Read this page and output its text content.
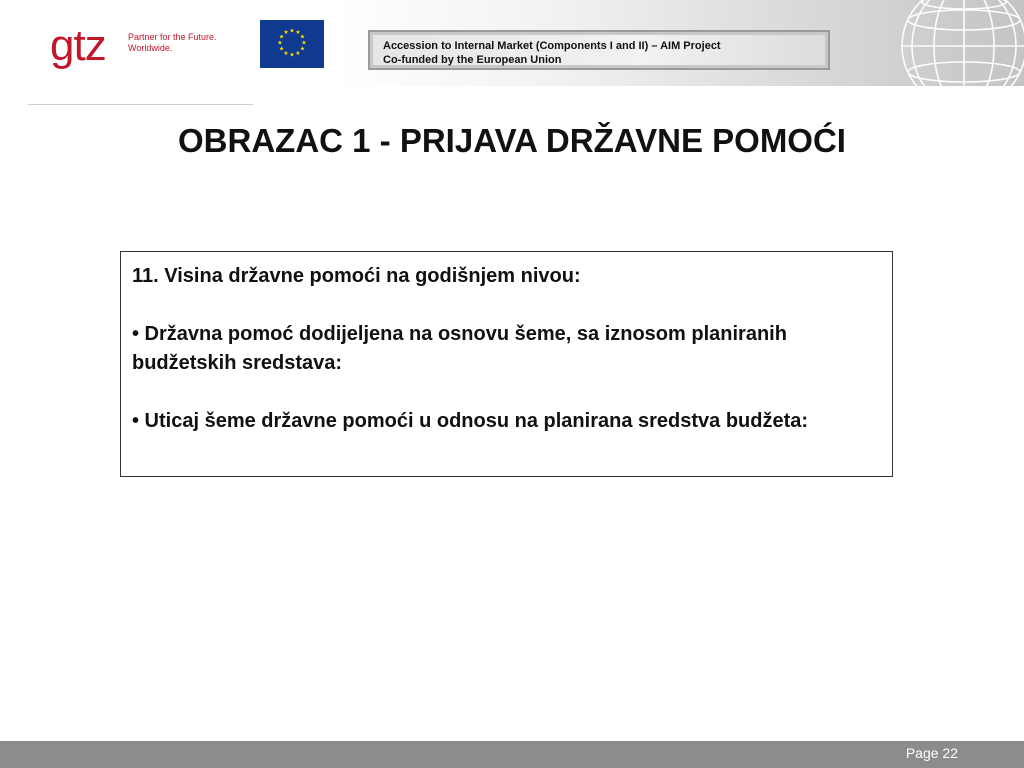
gtz Partner for the Future.
Worldwide.
★ ★
★
★
★
★
★
★
★
★
★
★
Accession to Internal Market (Components I and II) – AIM Project
Co-funded by the European Union
OBRAZAC 1 - PRIJAVA DRŽAVNE POMOĆI

11. Visina državne pomoći na godišnjem nivou:

• Državna pomoć dodijeljena na osnovu šeme, sa iznosom planiranih budžetskih sredstava:

• Uticaj šeme državne pomoći u odnosu na planirana sredstva budžeta:

Page 22
